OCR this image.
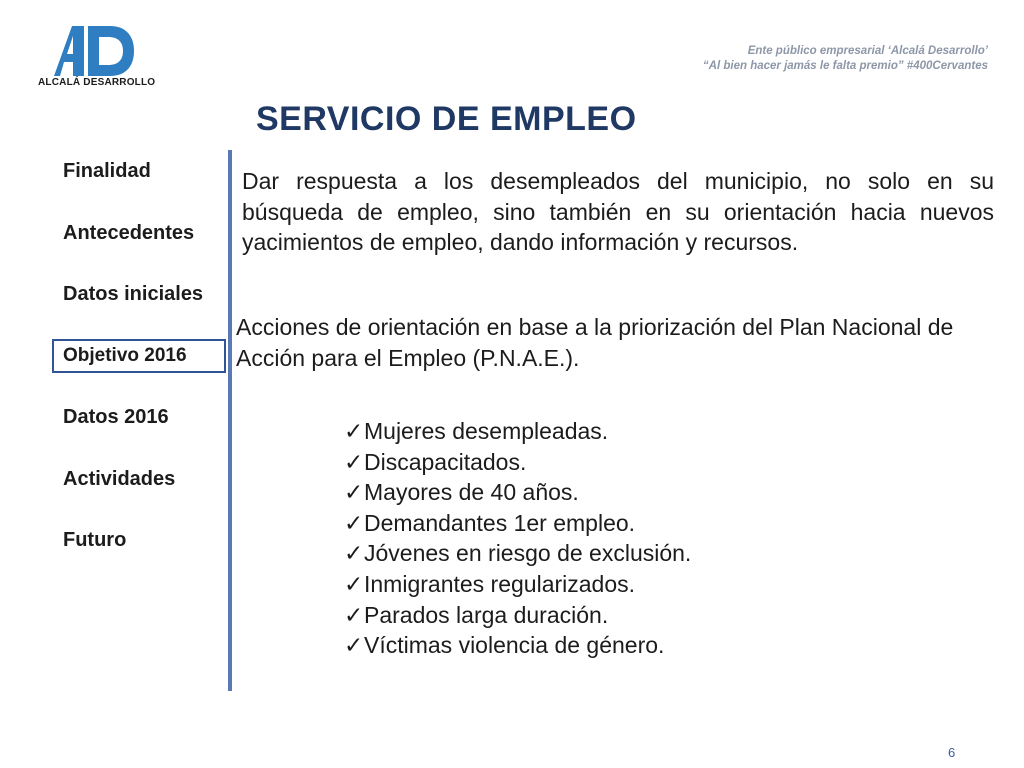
ALCALÁ DESARROLLO
Ente público empresarial ‘Alcalá Desarrollo’
“Al bien hacer jamás le falta premio” #400Cervantes
SERVICIO DE EMPLEO
Finalidad
Antecedentes
Datos iniciales
Objetivo 2016
Datos 2016
Actividades
Futuro

Dar respuesta a los desempleados del municipio, no solo en su búsqueda de empleo, sino también en su orientación hacia nuevos yacimientos de empleo, dando información y recursos.

Acciones de orientación en base a la priorización del Plan Nacional de Acción para el Empleo (P.N.A.E.).

✓Mujeres desempleadas.
✓Discapacitados.
✓Mayores de 40 años.
✓Demandantes 1er empleo.
✓Jóvenes en riesgo de exclusión.
✓Inmigrantes regularizados.
✓Parados larga duración.
✓Víctimas violencia de género.
6
